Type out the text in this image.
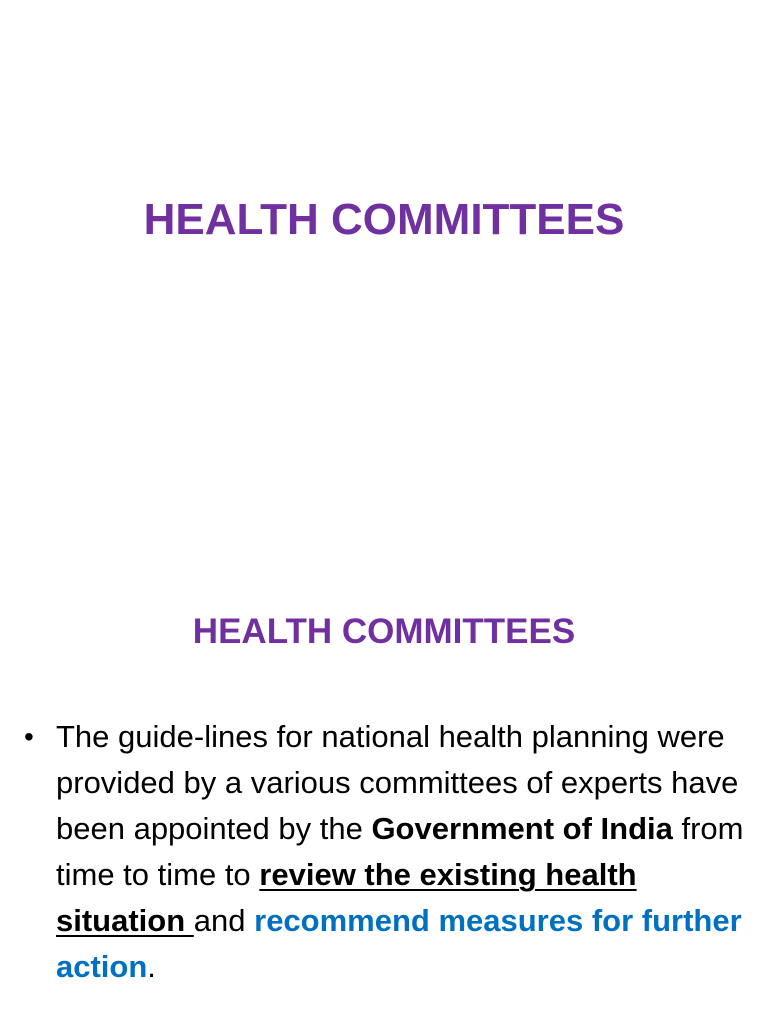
HEALTH COMMITTEES
HEALTH COMMITTEES
• The guide-lines for national health planning were provided by a various committees of experts have been appointed by the Government of India from time to time to review the existing health situation and recommend measures for further action.
